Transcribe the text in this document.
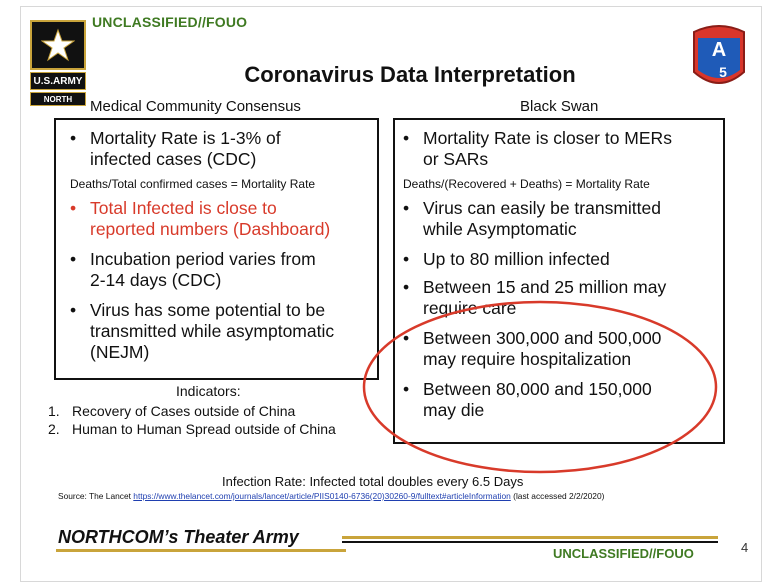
UNCLASSIFIED//FOUO
U.S.ARMY
NORTH
A
5
Coronavirus Data Interpretation
Medical Community Consensus	Black Swan
• Mortality Rate is 1-3% of
infected cases (CDC)
Deaths/Total confirmed cases = Mortality Rate
• Total Infected is close to
reported numbers (Dashboard)
• Incubation period varies from
2-14 days (CDC)
• Virus has some potential to be
transmitted while asymptomatic
(NEJM)
• Mortality Rate is closer to MERs
or SARs
Deaths/(Recovered + Deaths) = Mortality Rate
• Virus can easily be transmitted
while Asymptomatic
• Up to 80 million infected
• Between 15 and 25 million may
require care
• Between 300,000 and 500,000
may require hospitalization
• Between 80,000 and 150,000
may die
Indicators:
1. Recovery of Cases outside of China
2. Human to Human Spread outside of China
Infection Rate: Infected total doubles every 6.5 Days
Source: The Lancet https://www.thelancet.com/journals/lancet/article/PIIS0140-6736(20)30260-9/fulltext#articleInformation (last accessed 2/2/2020)
NORTHCOM’s Theater Army
UNCLASSIFIED//FOUO	4
